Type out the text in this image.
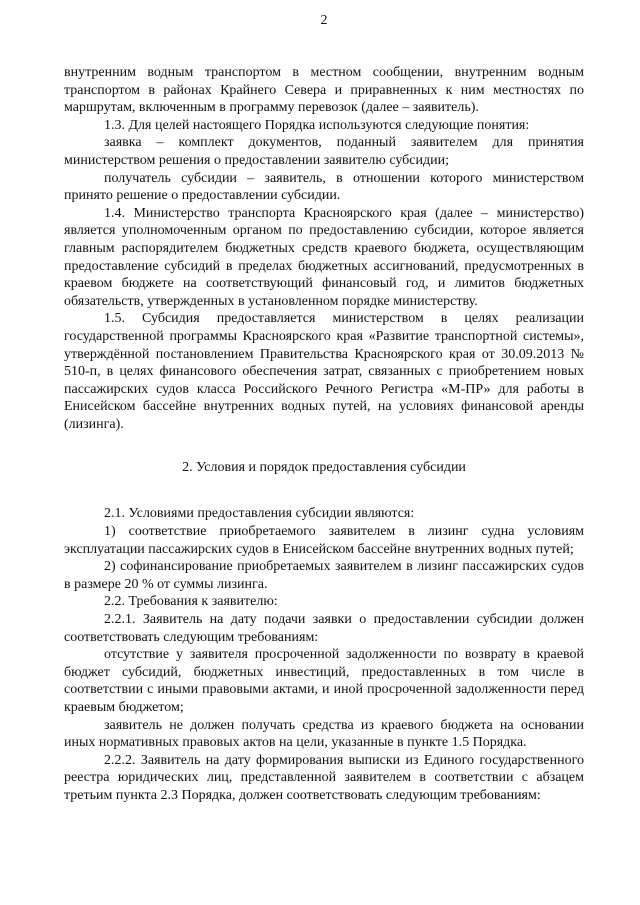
2

внутренним водным транспортом в местном сообщении, внутренним водным транспортом в районах Крайнего Севера и приравненных к ним местностях по маршрутам, включенным в программу перевозок (далее – заявитель).

1.3. Для целей настоящего Порядка используются следующие понятия:

заявка – комплект документов, поданный заявителем для принятия министерством решения о предоставлении заявителю субсидии;

получатель субсидии – заявитель, в отношении которого министерством принято решение о предоставлении субсидии.

1.4. Министерство транспорта Красноярского края (далее – министерство) является уполномоченным органом по предоставлению субсидии, которое является главным распорядителем бюджетных средств краевого бюджета, осуществляющим предоставление субсидий в пределах бюджетных ассигнований, предусмотренных в краевом бюджете на соответствующий финансовый год, и лимитов бюджетных обязательств, утвержденных в установленном порядке министерству.

1.5. Субсидия предоставляется министерством в целях реализации государственной программы Красноярского края «Развитие транспортной системы», утверждённой постановлением Правительства Красноярского края от 30.09.2013 № 510-п, в целях финансового обеспечения затрат, связанных с приобретением новых пассажирских судов класса Российского Речного Регистра «М-ПР» для работы в Енисейском бассейне внутренних водных путей, на условиях финансовой аренды (лизинга).

2. Условия и порядок предоставления субсидии

2.1. Условиями предоставления субсидии являются:

1) соответствие приобретаемого заявителем в лизинг судна условиям эксплуатации пассажирских судов в Енисейском бассейне внутренних водных путей;

2) софинансирование приобретаемых заявителем в лизинг пассажирских судов в размере 20 % от суммы лизинга.

2.2. Требования к заявителю:

2.2.1. Заявитель на дату подачи заявки о предоставлении субсидии должен соответствовать следующим требованиям:

отсутствие у заявителя просроченной задолженности по возврату в краевой бюджет субсидий, бюджетных инвестиций, предоставленных в том числе в соответствии с иными правовыми актами, и иной просроченной задолженности перед краевым бюджетом;

заявитель не должен получать средства из краевого бюджета на основании иных нормативных правовых актов на цели, указанные в пункте 1.5 Порядка.

2.2.2. Заявитель на дату формирования выписки из Единого государственного реестра юридических лиц, представленной заявителем в соответствии с абзацем третьим пункта 2.3 Порядка, должен соответствовать следующим требованиям:
